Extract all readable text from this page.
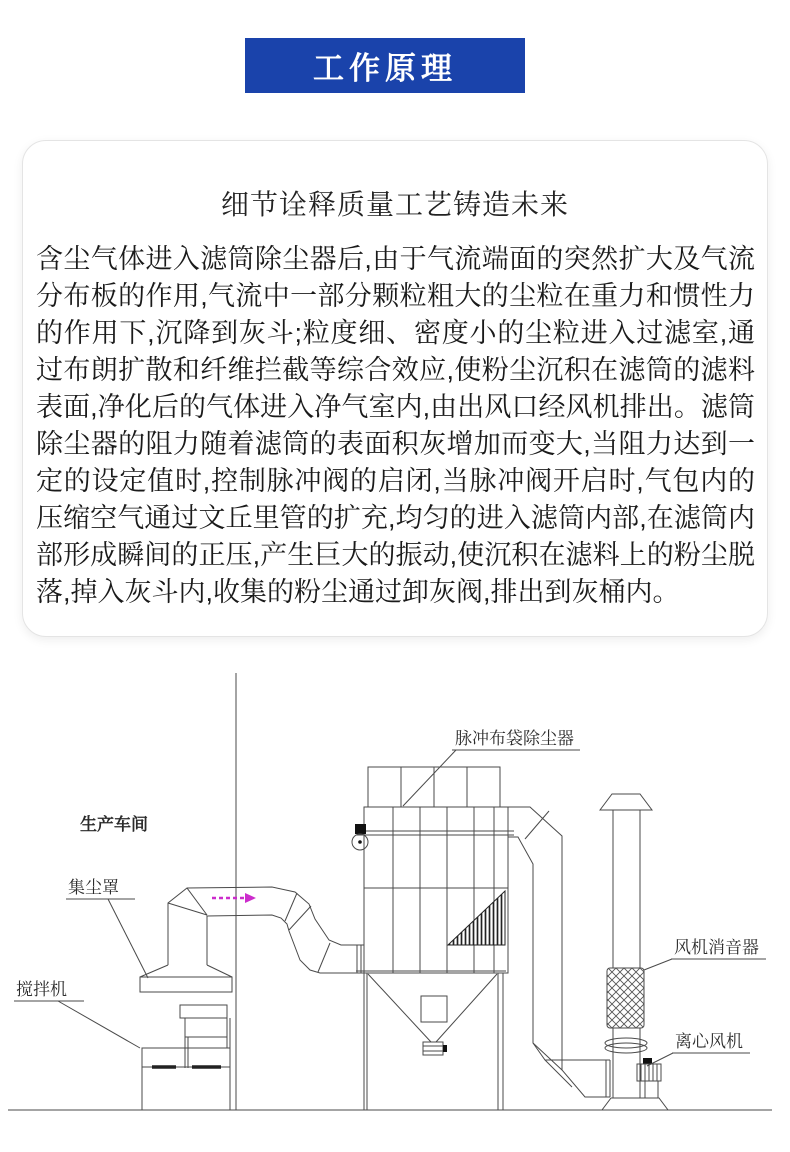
工作原理
细节诠释质量工艺铸造未来

含尘气体进入滤筒除尘器后,由于气流端面的突然扩大及气流分布板的作用,气流中一部分颗粒粗大的尘粒在重力和惯性力的作用下,沉降到灰斗;粒度细、密度小的尘粒进入过滤室,通过布朗扩散和纤维拦截等综合效应,使粉尘沉积在滤筒的滤料表面,净化后的气体进入净气室内,由出风口经风机排出。滤筒除尘器的阻力随着滤筒的表面积灰增加而变大,当阻力达到一定的设定值时,控制脉冲阀的启闭,当脉冲阀开启时,气包内的压缩空气通过文丘里管的扩充,均匀的进入滤筒内部,在滤筒内部形成瞬间的正压,产生巨大的振动,使沉积在滤料上的粉尘脱落,掉入灰斗内,收集的粉尘通过卸灰阀,排出到灰桶内。

生产车间
脉冲布袋除尘器
集尘罩
搅拌机
风机消音器
离心风机
